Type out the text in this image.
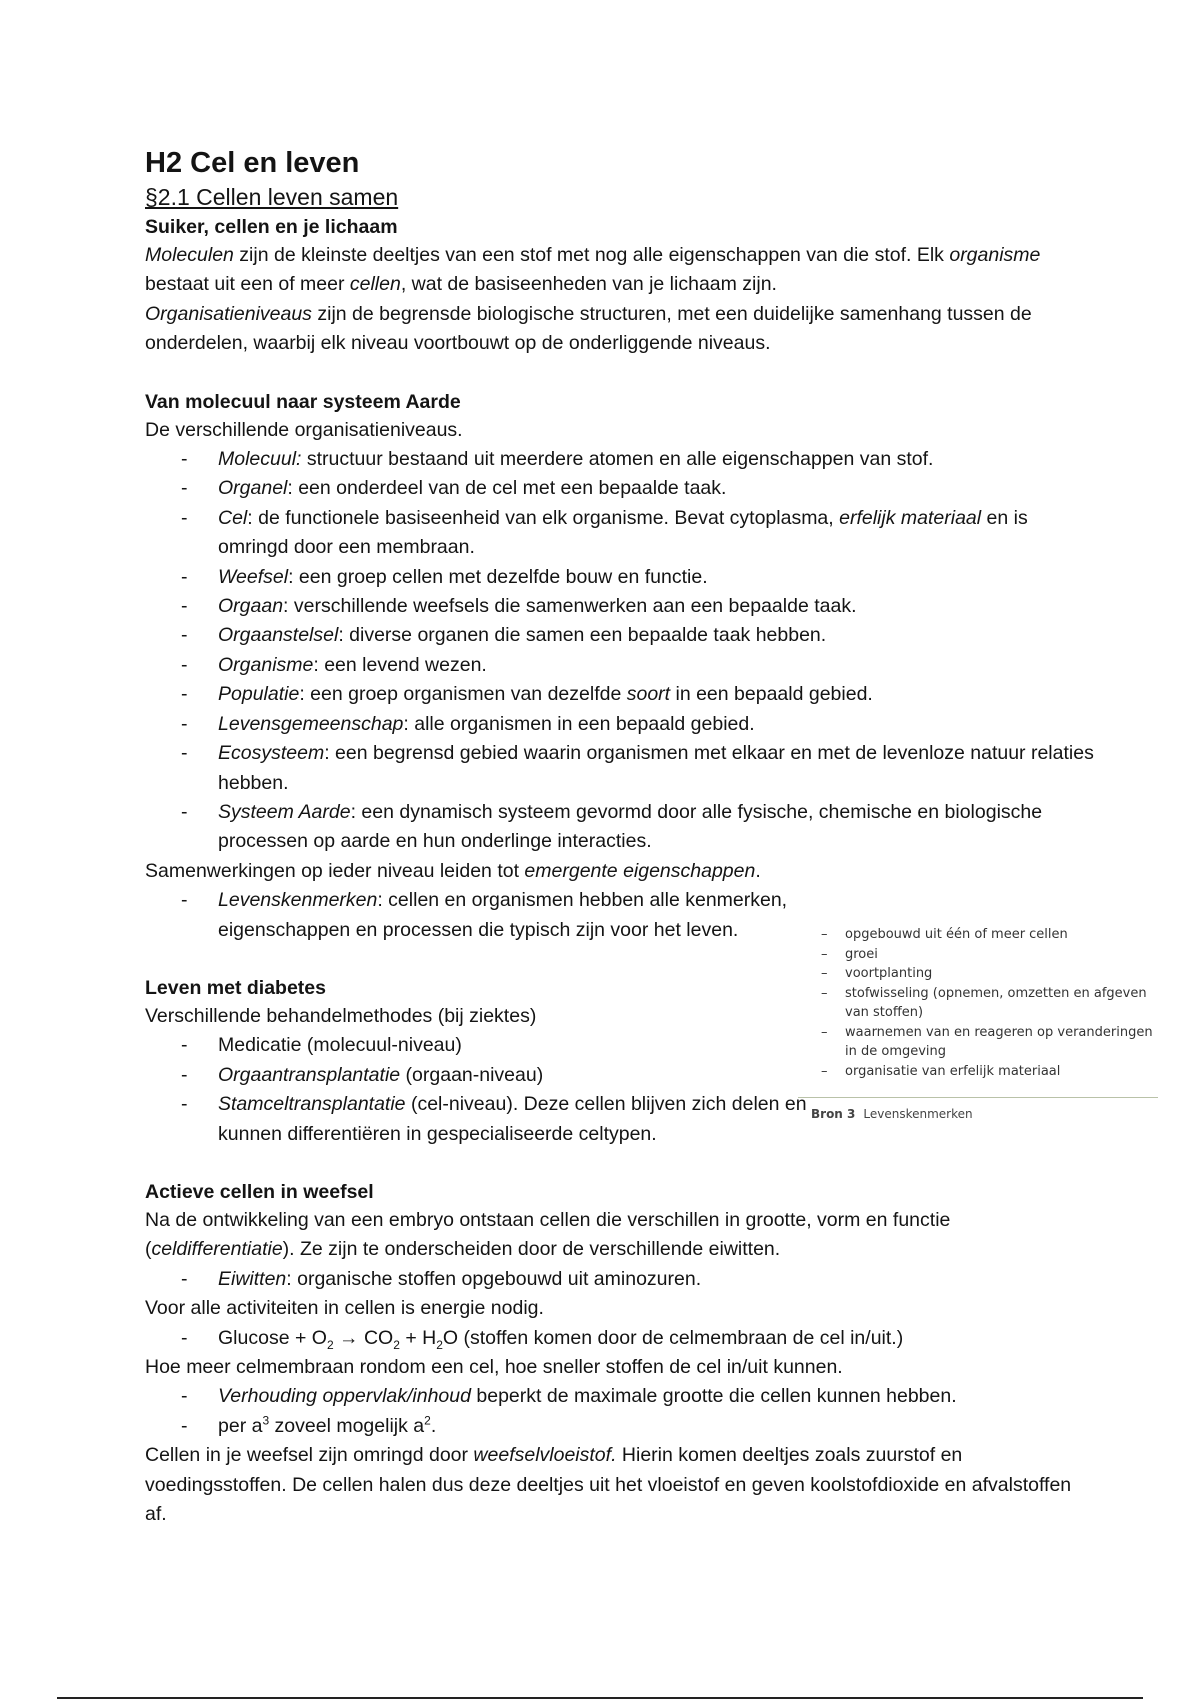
H2 Cel en leven
§2.1 Cellen leven samen
Suiker, cellen en je lichaam

Moleculen zijn de kleinste deeltjes van een stof met nog alle eigenschappen van die stof. Elk organisme bestaat uit een of meer cellen, wat de basiseenheden van je lichaam zijn.
Organisatieniveaus zijn de begrensde biologische structuren, met een duidelijke samenhang tussen de onderdelen, waarbij elk niveau voortbouwt op de onderliggende niveaus.

Van molecuul naar systeem Aarde

De verschillende organisatieniveaus.

- Molecuul: structuur bestaand uit meerdere atomen en alle eigenschappen van stof.
- Organel: een onderdeel van de cel met een bepaalde taak.
- Cel: de functionele basiseenheid van elk organisme. Bevat cytoplasma, erfelijk materiaal en is omringd door een membraan.
- Weefsel: een groep cellen met dezelfde bouw en functie.
- Orgaan: verschillende weefsels die samenwerken aan een bepaalde taak.
- Orgaanstelsel: diverse organen die samen een bepaalde taak hebben.
- Organisme: een levend wezen.
- Populatie: een groep organismen van dezelfde soort in een bepaald gebied.
- Levensgemeenschap: alle organismen in een bepaald gebied.
- Ecosysteem: een begrensd gebied waarin organismen met elkaar en met de levenloze natuur relaties hebben.
- Systeem Aarde: een dynamisch systeem gevormd door alle fysische, chemische en biologische processen op aarde en hun onderlinge interacties.

Samenwerkingen op ieder niveau leiden tot emergente eigenschappen.

- Levenskenmerken: cellen en organismen hebben alle kenmerken, eigenschappen en processen die typisch zijn voor het leven.
Leven met diabetes

Verschillende behandelmethodes (bij ziektes)

- Medicatie (molecuul-niveau)
- Orgaantransplantatie (orgaan-niveau)
- Stamceltransplantatie (cel-niveau). Deze cellen blijven zich delen en kunnen differentiëren in gespecialiseerde celtypen.
Actieve cellen in weefsel

Na de ontwikkeling van een embryo ontstaan cellen die verschillen in grootte, vorm en functie (celdifferentiatie). Ze zijn te onderscheiden door de verschillende eiwitten.

- Eiwitten: organische stoffen opgebouwd uit aminozuren.

Voor alle activiteiten in cellen is energie nodig.

- $Glucose + O_2 \to CO_2 + H_2O$ (stoffen komen door de celmembraan de cel in/uit.)

Hoe meer celmembraan rondom een cel, hoe sneller stoffen de cel in/uit kunnen.

- Verhouding oppervlak/inhoud beperkt de maximale grootte die cellen kunnen hebben.
- per $a^3$ zoveel mogelijk $a^2$.

Cellen in je weefsel zijn omringd door weefselvloeistof. Hierin komen deeltjes zoals zuurstof en voedingsstoffen. De cellen halen dus deze deeltjes uit het vloeistof en geven koolstofdioxide en afvalstoffen af.

– opgebouwd uit één of meer cellen
– groei
– voortplanting
– stofwisseling (opnemen, omzetten en afgeven van stoffen)
– waarnemen van en reageren op veranderingen in de omgeving
– organisatie van erfelijk materiaal
Bron 3 Levenskenmerken
